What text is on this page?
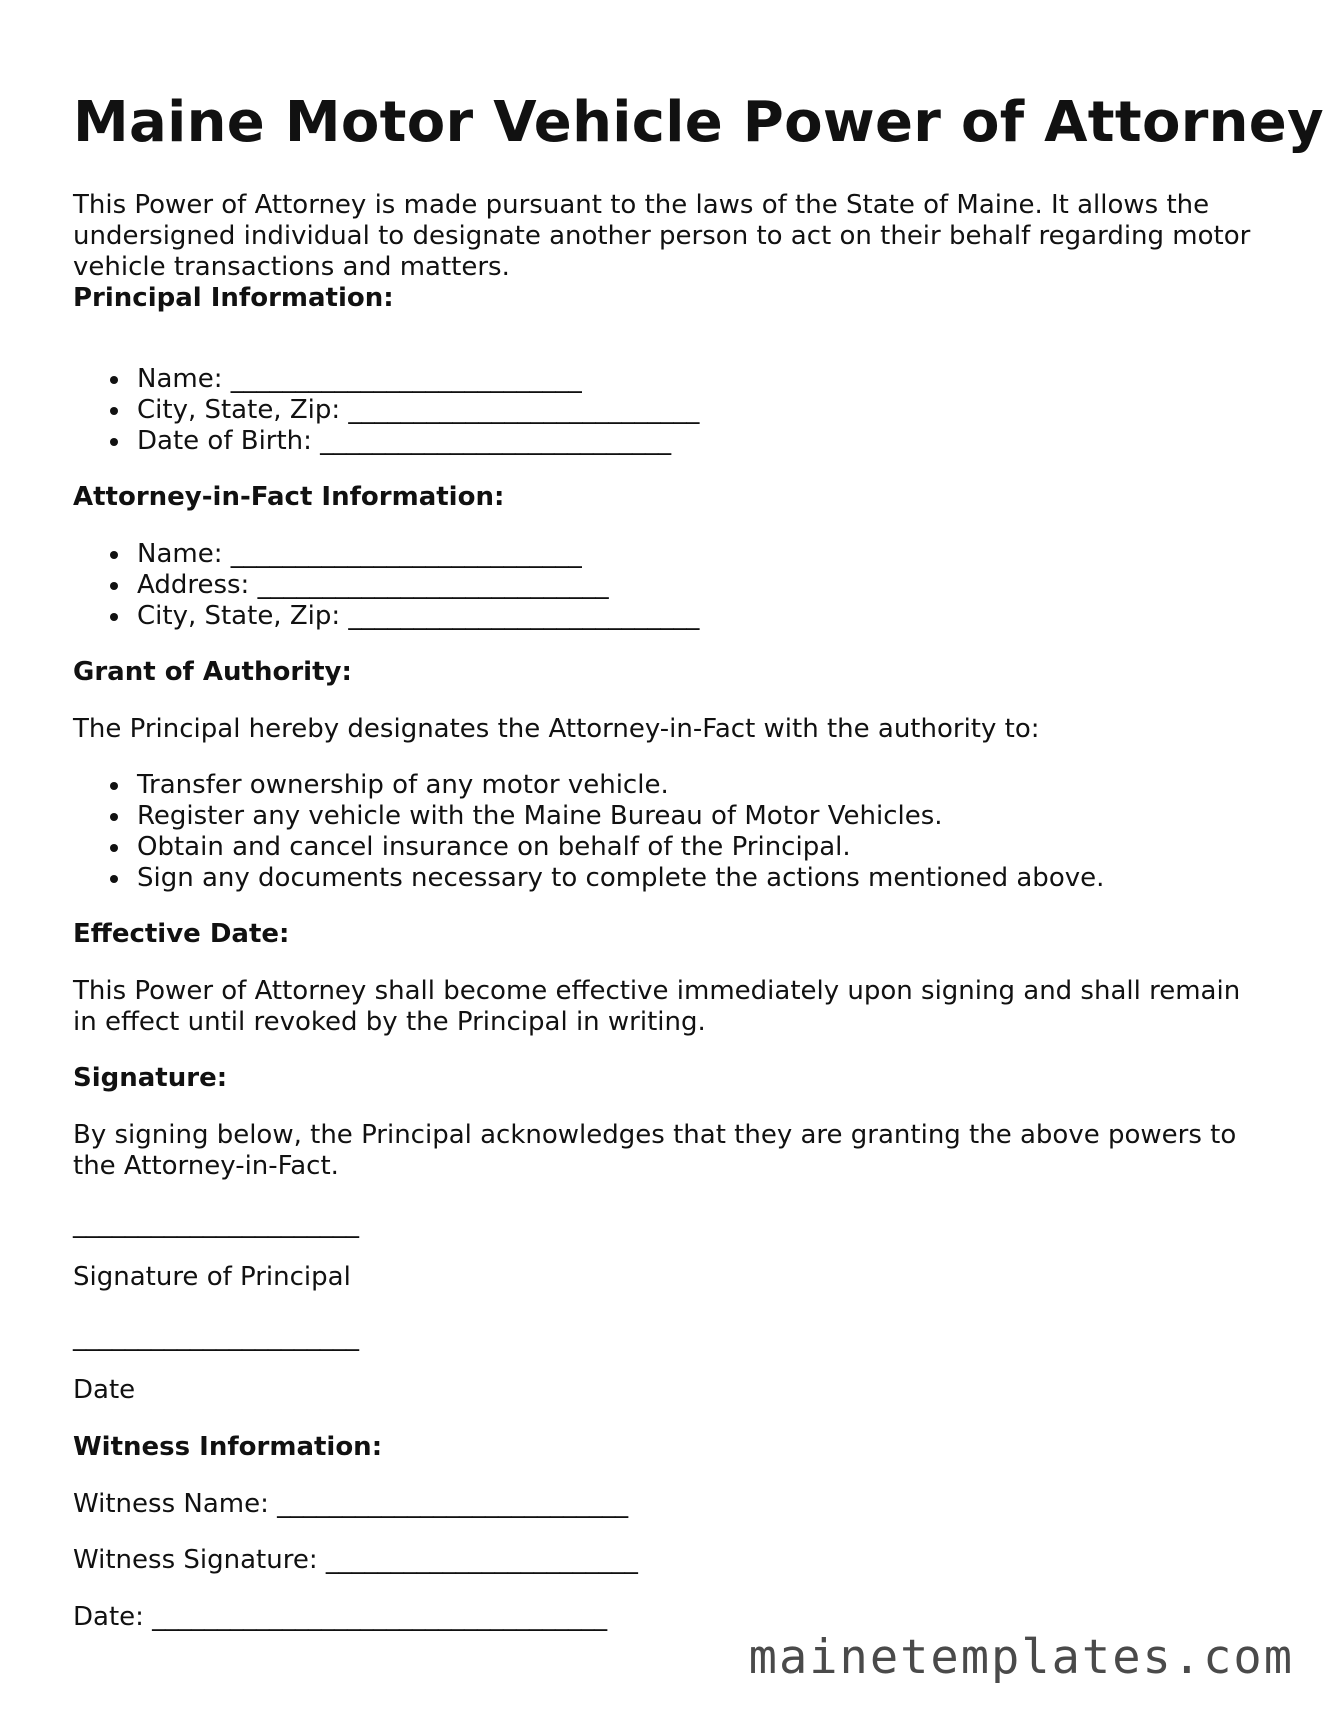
Maine Motor Vehicle Power of Attorney

This Power of Attorney is made pursuant to the laws of the State of Maine. It allows the undersigned individual to designate another person to act on their behalf regarding motor vehicle transactions and matters.

Principal Information:
Name: ___________________________
City, State, Zip: ___________________________
Date of Birth: ___________________________
Attorney-in-Fact Information:
Name: ___________________________
Address: ___________________________
City, State, Zip: ___________________________
Grant of Authority:

The Principal hereby designates the Attorney-in-Fact with the authority to:

Transfer ownership of any motor vehicle.
Register any vehicle with the Maine Bureau of Motor Vehicles.
Obtain and cancel insurance on behalf of the Principal.
Sign any documents necessary to complete the actions mentioned above.
Effective Date:

This Power of Attorney shall become effective immediately upon signing and shall remain in effect until revoked by the Principal in writing.

Signature:

By signing below, the Principal acknowledges that they are granting the above powers to the Attorney-in-Fact.

______________________

Signature of Principal

______________________

Date

Witness Information:

Witness Name: ___________________________

Witness Signature: ________________________

Date: ___________________________________

mainetemplates.com
